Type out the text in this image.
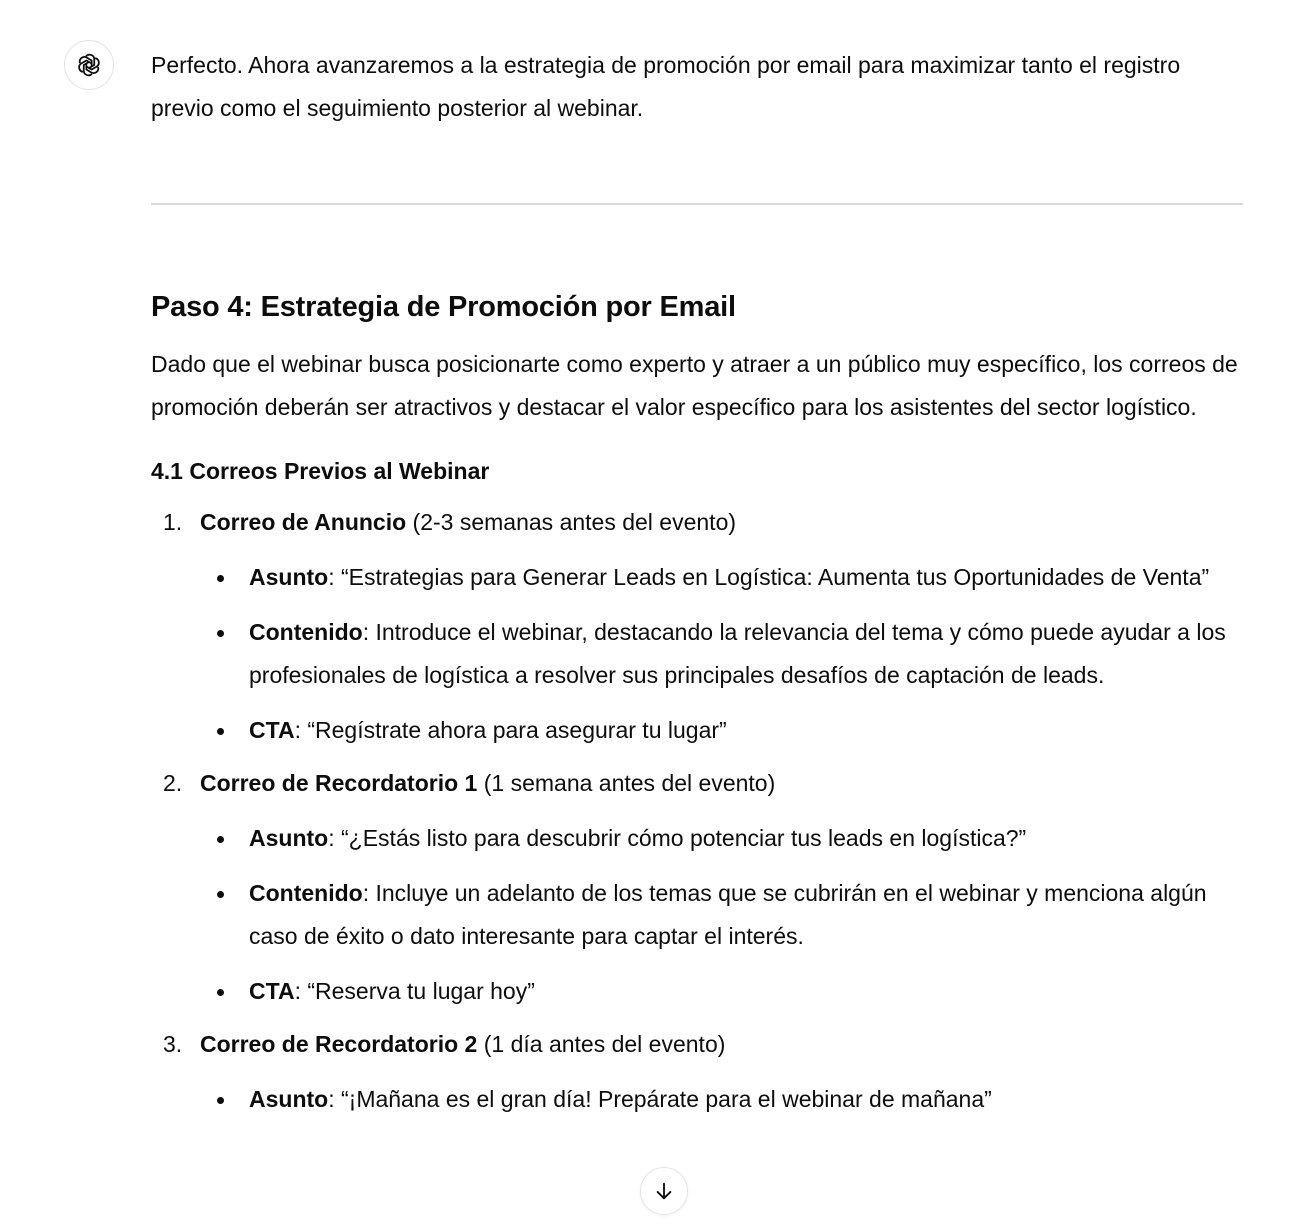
Perfecto. Ahora avanzaremos a la estrategia de promoción por email para maximizar tanto el registro previo como el seguimiento posterior al webinar.

Paso 4: Estrategia de Promoción por Email

Dado que el webinar busca posicionarte como experto y atraer a un público muy específico, los correos de promoción deberán ser atractivos y destacar el valor específico para los asistentes del sector logístico.

4.1 Correos Previos al Webinar
1. Correo de Anuncio (2-3 semanas antes del evento)
Asunto: “Estrategias para Generar Leads en Logística: Aumenta tus Oportunidades de Venta”
Contenido: Introduce el webinar, destacando la relevancia del tema y cómo puede ayudar a los profesionales de logística a resolver sus principales desafíos de captación de leads.
CTA: “Regístrate ahora para asegurar tu lugar”
2. Correo de Recordatorio 1 (1 semana antes del evento)
Asunto: “¿Estás listo para descubrir cómo potenciar tus leads en logística?”
Contenido: Incluye un adelanto de los temas que se cubrirán en el webinar y menciona algún caso de éxito o dato interesante para captar el interés.
CTA: “Reserva tu lugar hoy”
3. Correo de Recordatorio 2 (1 día antes del evento)
Asunto: “¡Mañana es el gran día! Prepárate para el webinar de mañana”
